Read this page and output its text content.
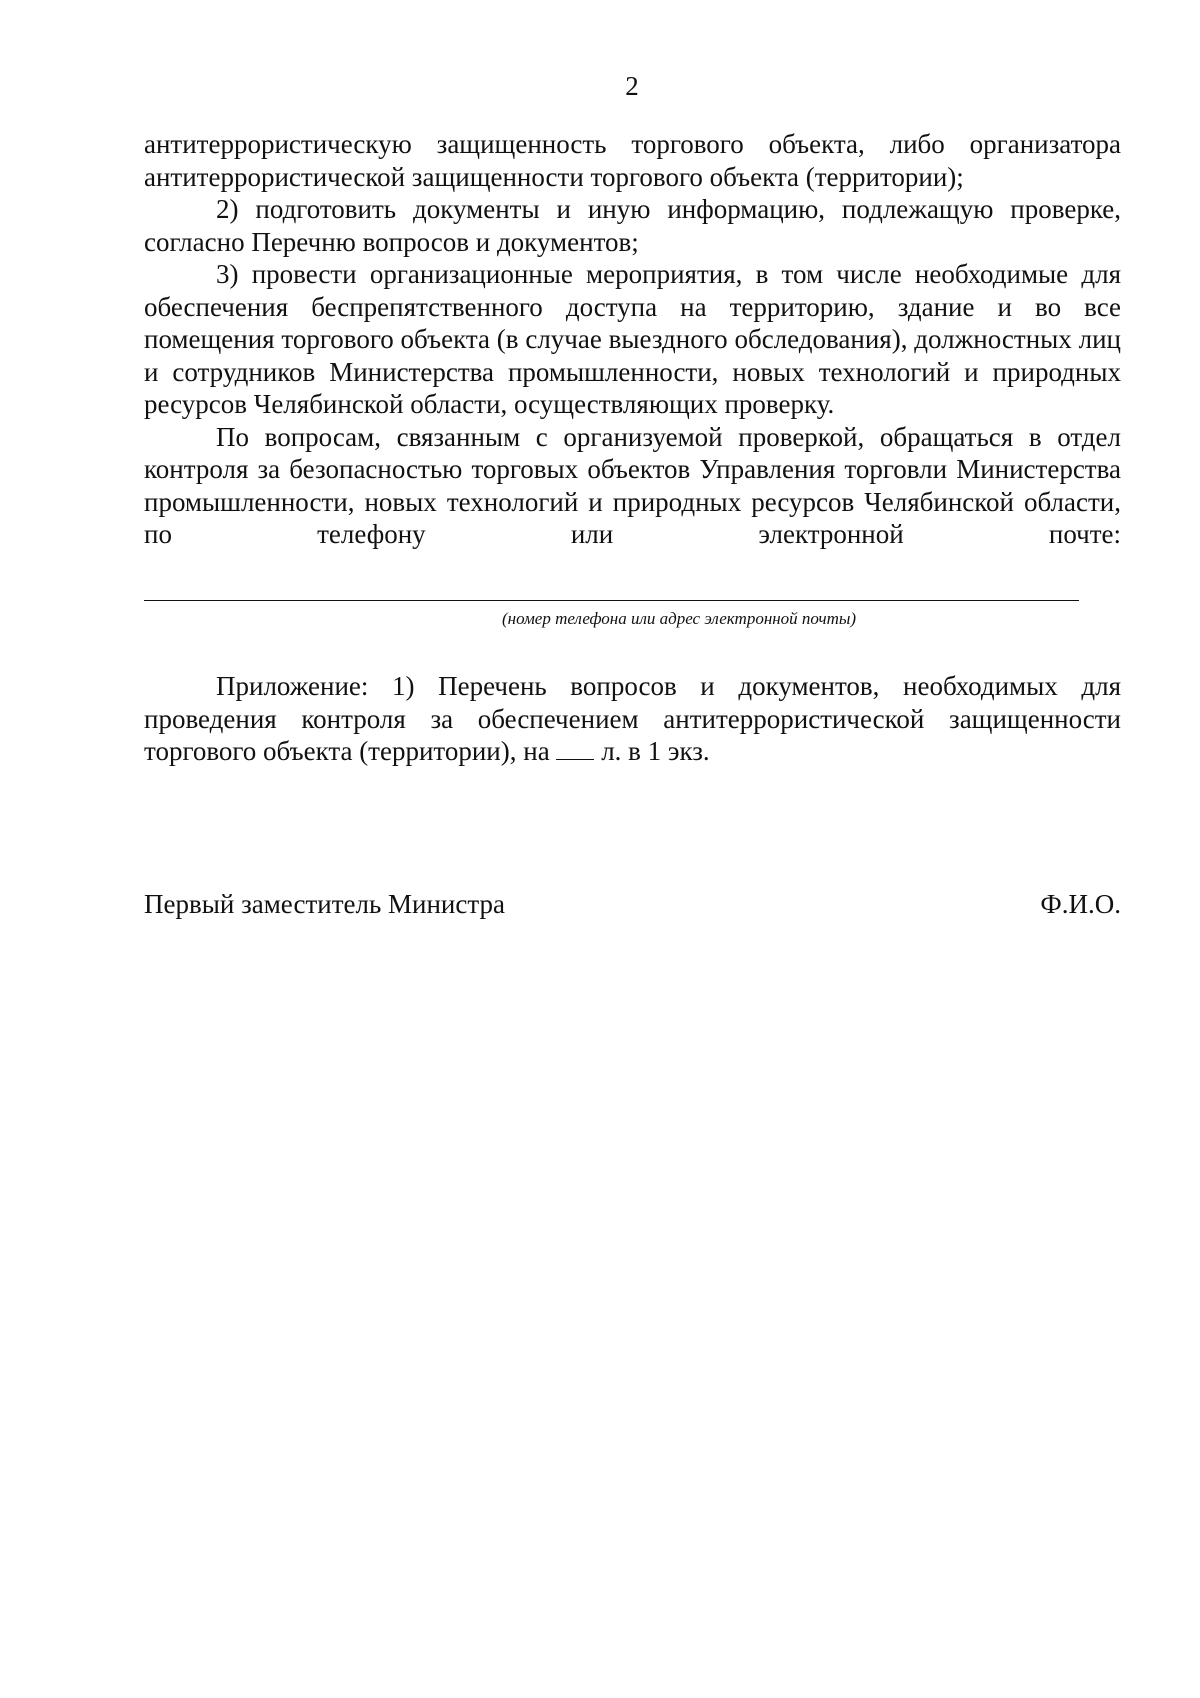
2

антитеррористическую защищенность торгового объекта, либо организатора антитеррористической защищенности торгового объекта (территории);

2) подготовить документы и иную информацию, подлежащую проверке, согласно Перечню вопросов и документов;

3) провести организационные мероприятия, в том числе необходимые для обеспечения беспрепятственного доступа на территорию, здание и во все помещения торгового объекта (в случае выездного обследования), должностных лиц и сотрудников Министерства промышленности, новых технологий и природных ресурсов Челябинской области, осуществляющих проверку.

По вопросам, связанным с организуемой проверкой, обращаться в отдел контроля за безопасностью торговых объектов Управления торговли Министерства промышленности, новых технологий и природных ресурсов Челябинской области, по телефону или электронной почте:

(номер телефона или адрес электронной почты)

Приложение: 1) Перечень вопросов и документов, необходимых для проведения контроля за обеспечением антитеррористической защищенности торгового объекта (территории), на  л. в 1 экз.

Первый заместитель Министра	Ф.И.О.
